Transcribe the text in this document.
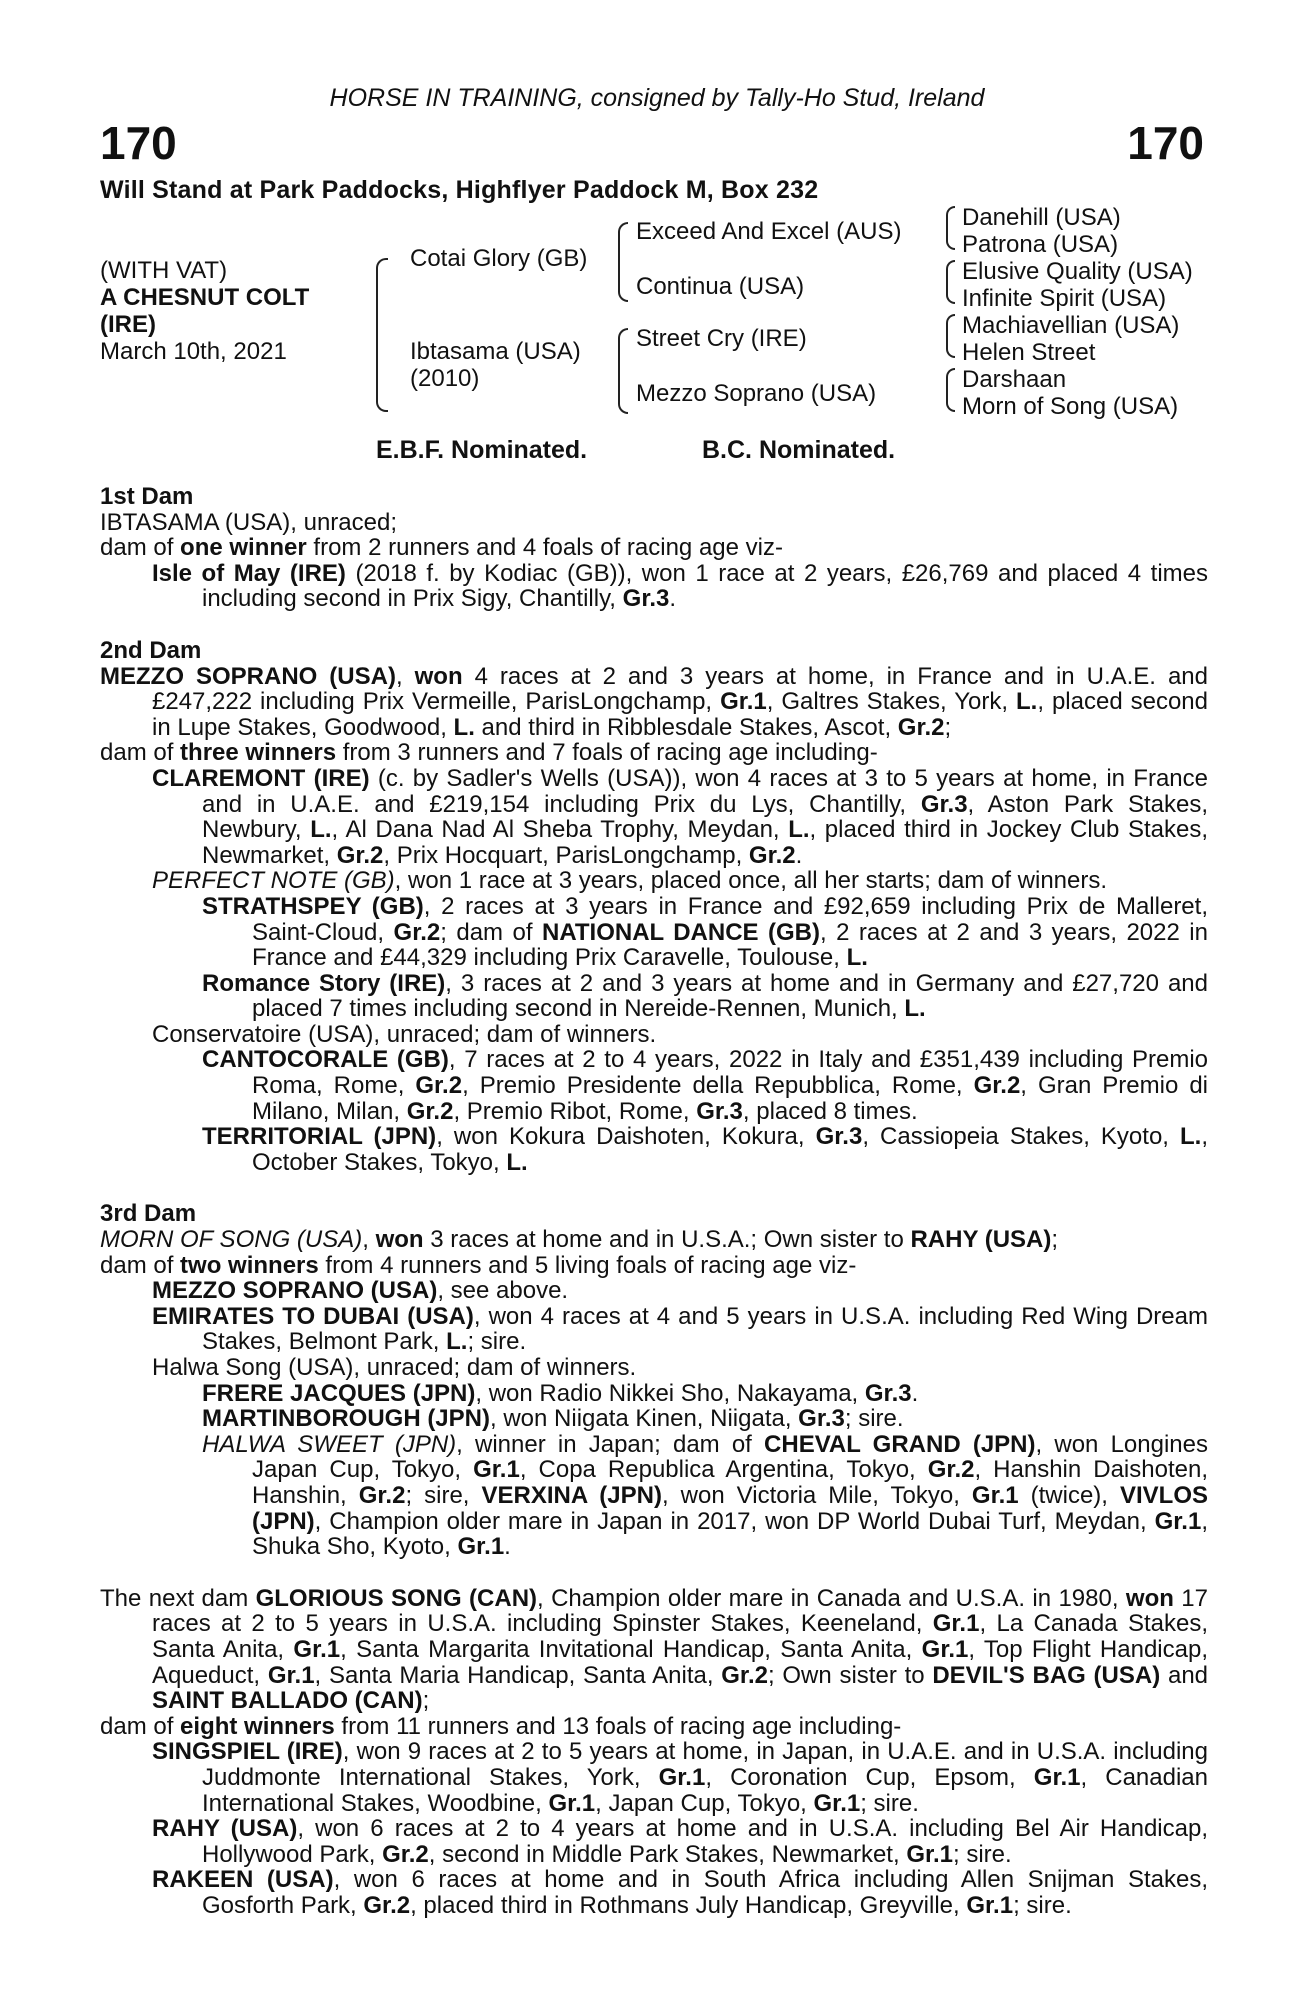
HORSE IN TRAINING, consigned by Tally-Ho Stud, Ireland
170	170
Will Stand at Park Paddocks, Highflyer Paddock M, Box 232
(WITH VAT)
A CHESNUT COLT
(IRE)
March 10th, 2021
Cotai Glory (GB)
Ibtasama (USA)
(2010)
Exceed And Excel (AUS)
Continua (USA)
Street Cry (IRE)
Mezzo Soprano (USA)
Danehill (USA)
Patrona (USA)
Elusive Quality (USA)
Infinite Spirit (USA)
Machiavellian (USA)
Helen Street
Darshaan
Morn of Song (USA)
E.B.F. Nominated.	B.C. Nominated.

1st Dam

IBTASAMA (USA), unraced;

dam of one winner from 2 runners and 4 foals of racing age viz-

Isle of May (IRE) (2018 f. by Kodiac (GB)), won 1 race at 2 years, £26,769 and placed 4 times including second in Prix Sigy, Chantilly, Gr.3.

2nd Dam

MEZZO SOPRANO (USA), won 4 races at 2 and 3 years at home, in France and in U.A.E. and £247,222 including Prix Vermeille, ParisLongchamp, Gr.1, Galtres Stakes, York, L., placed second in Lupe Stakes, Goodwood, L. and third in Ribblesdale Stakes, Ascot, Gr.2;

dam of three winners from 3 runners and 7 foals of racing age including-

CLAREMONT (IRE) (c. by Sadler's Wells (USA)), won 4 races at 3 to 5 years at home, in France and in U.A.E. and £219,154 including Prix du Lys, Chantilly, Gr.3, Aston Park Stakes, Newbury, L., Al Dana Nad Al Sheba Trophy, Meydan, L., placed third in Jockey Club Stakes, Newmarket, Gr.2, Prix Hocquart, ParisLongchamp, Gr.2.

PERFECT NOTE (GB), won 1 race at 3 years, placed once, all her starts; dam of winners.

STRATHSPEY (GB), 2 races at 3 years in France and £92,659 including Prix de Malleret, Saint-Cloud, Gr.2; dam of NATIONAL DANCE (GB), 2 races at 2 and 3 years, 2022 in France and £44,329 including Prix Caravelle, Toulouse, L.

Romance Story (IRE), 3 races at 2 and 3 years at home and in Germany and £27,720 and placed 7 times including second in Nereide-Rennen, Munich, L.

Conservatoire (USA), unraced; dam of winners.

CANTOCORALE (GB), 7 races at 2 to 4 years, 2022 in Italy and £351,439 including Premio Roma, Rome, Gr.2, Premio Presidente della Repubblica, Rome, Gr.2, Gran Premio di Milano, Milan, Gr.2, Premio Ribot, Rome, Gr.3, placed 8 times.

TERRITORIAL (JPN), won Kokura Daishoten, Kokura, Gr.3, Cassiopeia Stakes, Kyoto, L., October Stakes, Tokyo, L.

3rd Dam

MORN OF SONG (USA), won 3 races at home and in U.S.A.; Own sister to RAHY (USA);

dam of two winners from 4 runners and 5 living foals of racing age viz-

MEZZO SOPRANO (USA), see above.

EMIRATES TO DUBAI (USA), won 4 races at 4 and 5 years in U.S.A. including Red Wing Dream Stakes, Belmont Park, L.; sire.

Halwa Song (USA), unraced; dam of winners.

FRERE JACQUES (JPN), won Radio Nikkei Sho, Nakayama, Gr.3.

MARTINBOROUGH (JPN), won Niigata Kinen, Niigata, Gr.3; sire.

HALWA SWEET (JPN), winner in Japan; dam of CHEVAL GRAND (JPN), won Longines Japan Cup, Tokyo, Gr.1, Copa Republica Argentina, Tokyo, Gr.2, Hanshin Daishoten, Hanshin, Gr.2; sire, VERXINA (JPN), won Victoria Mile, Tokyo, Gr.1 (twice), VIVLOS (JPN), Champion older mare in Japan in 2017, won DP World Dubai Turf, Meydan, Gr.1, Shuka Sho, Kyoto, Gr.1.

The next dam GLORIOUS SONG (CAN), Champion older mare in Canada and U.S.A. in 1980, won 17 races at 2 to 5 years in U.S.A. including Spinster Stakes, Keeneland, Gr.1, La Canada Stakes, Santa Anita, Gr.1, Santa Margarita Invitational Handicap, Santa Anita, Gr.1, Top Flight Handicap, Aqueduct, Gr.1, Santa Maria Handicap, Santa Anita, Gr.2; Own sister to DEVIL'S BAG (USA) and SAINT BALLADO (CAN);

dam of eight winners from 11 runners and 13 foals of racing age including-

SINGSPIEL (IRE), won 9 races at 2 to 5 years at home, in Japan, in U.A.E. and in U.S.A. including Juddmonte International Stakes, York, Gr.1, Coronation Cup, Epsom, Gr.1, Canadian International Stakes, Woodbine, Gr.1, Japan Cup, Tokyo, Gr.1; sire.

RAHY (USA), won 6 races at 2 to 4 years at home and in U.S.A. including Bel Air Handicap, Hollywood Park, Gr.2, second in Middle Park Stakes, Newmarket, Gr.1; sire.

RAKEEN (USA), won 6 races at home and in South Africa including Allen Snijman Stakes, Gosforth Park, Gr.2, placed third in Rothmans July Handicap, Greyville, Gr.1; sire.
